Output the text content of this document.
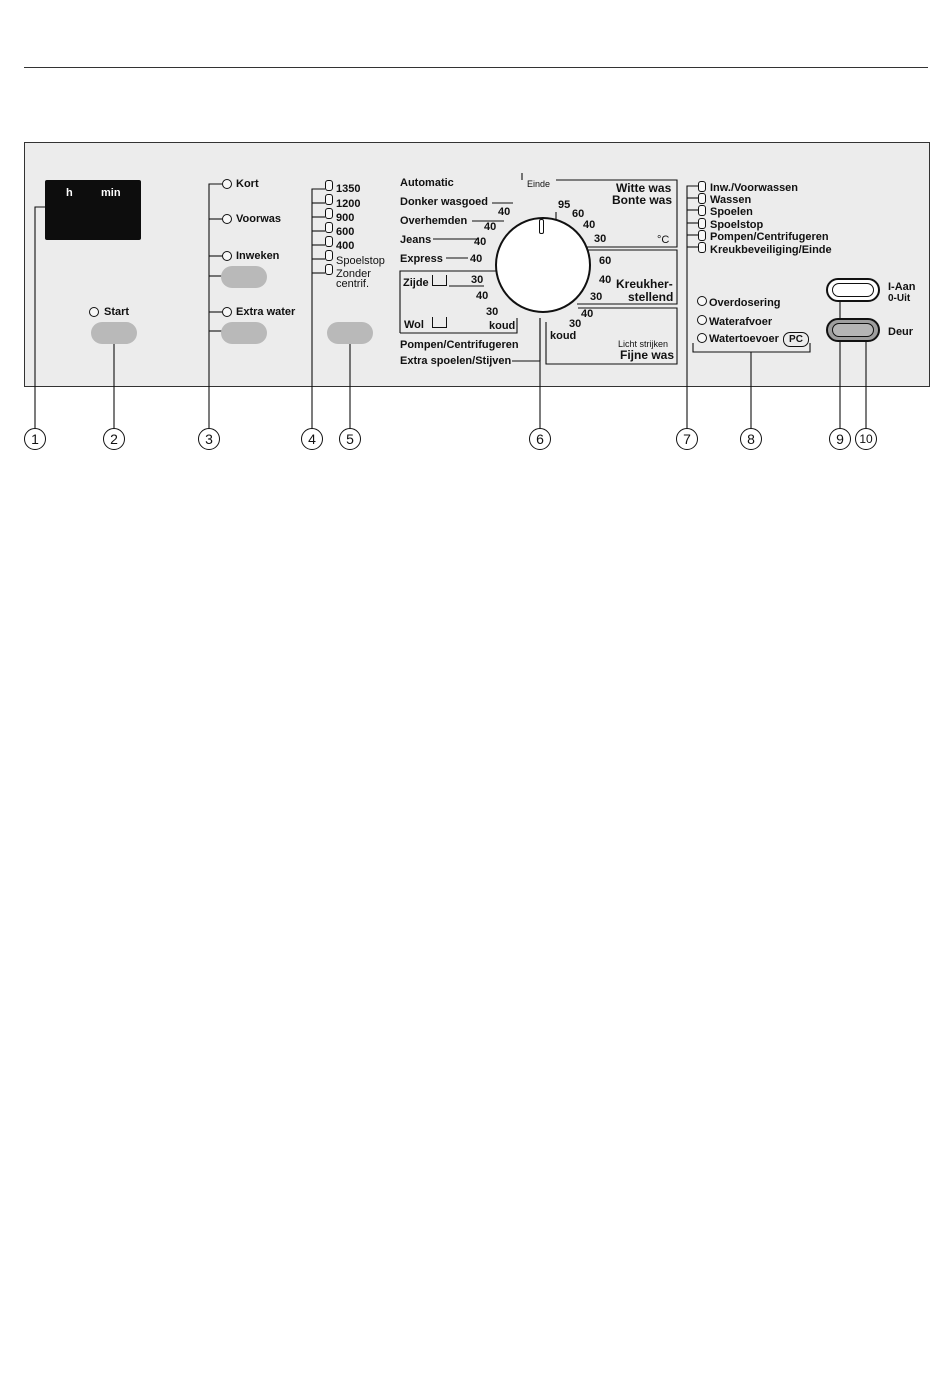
h	min
Start
Kort
Voorwas
Inweken
Extra water
1350
1200
900
600
400
Spoelstop
Zonder
centrif.
Automatic	Einde
Donker wasgoed
40
Overhemden 40
Jeans	40
Express 40
Zijde	30
40
30
Wol	koud
Pompen/Centrifugeren
Extra spoelen/Stijven
Witte was
Bonte was
95
60
40
30	°C
60
40
30
Kreukher-
stellend
40
30
koud
Licht strijken
Fijne was
Inw./Voorwassen
Wassen
Spoelen
Spoelstop
Pompen/Centrifugeren
Kreukbeveiliging/Einde
Overdosering
Waterafvoer
Watertoevoer	PC
I-Aan
0-Uit
Deur
1	2	3	4	5	6	7	8	9	10
